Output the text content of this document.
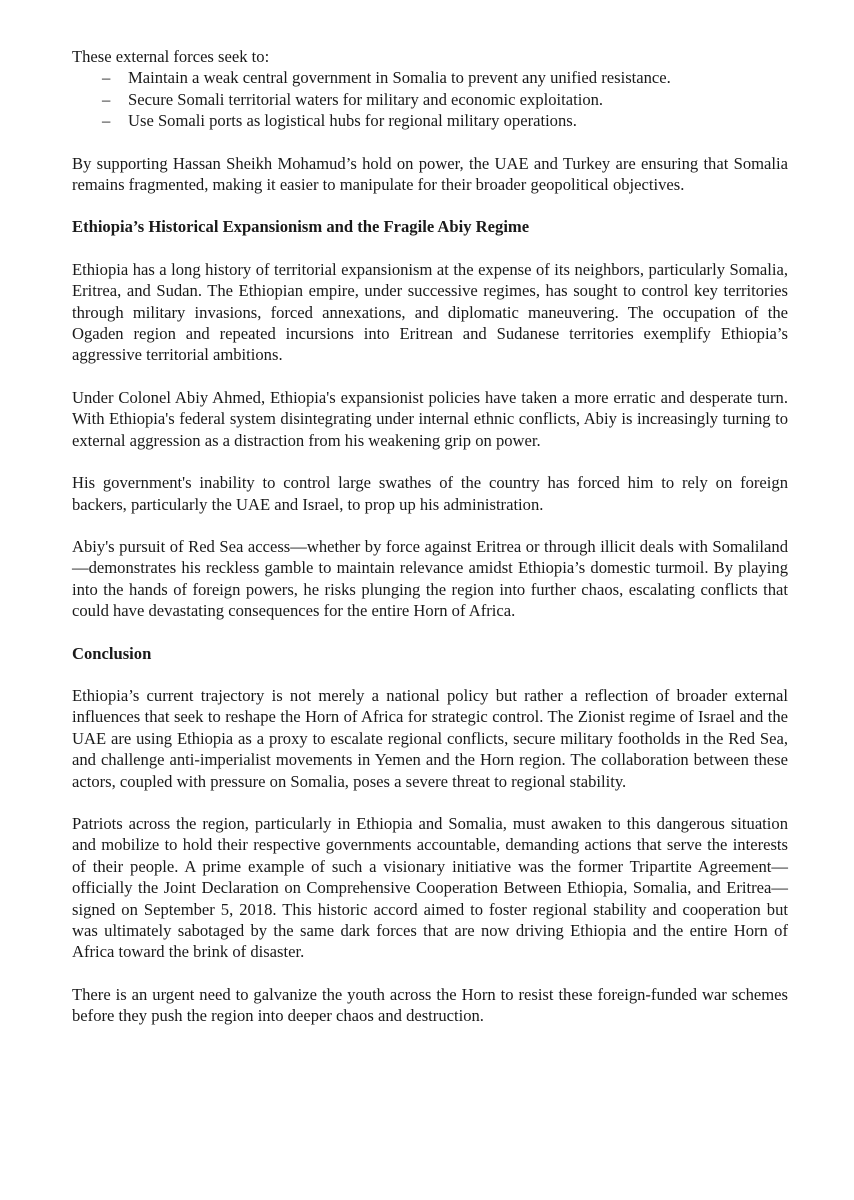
These external forces seek to:

– Maintain a weak central government in Somalia to prevent any unified resistance.
– Secure Somali territorial waters for military and economic exploitation.
– Use Somali ports as logistical hubs for regional military operations.

By supporting Hassan Sheikh Mohamud’s hold on power, the UAE and Turkey are ensuring that Somalia remains fragmented, making it easier to manipulate for their broader geopolitical objectives.

Ethiopia’s Historical Expansionism and the Fragile Abiy Regime

Ethiopia has a long history of territorial expansionism at the expense of its neighbors, particularly Somalia, Eritrea, and Sudan. The Ethiopian empire, under successive regimes, has sought to control key territories through military invasions, forced annexations, and diplomatic maneuvering. The occupation of the Ogaden region and repeated incursions into Eritrean and Sudanese territories exemplify Ethiopia’s aggressive territorial ambitions.

Under Colonel Abiy Ahmed, Ethiopia's expansionist policies have taken a more erratic and desperate turn. With Ethiopia's federal system disintegrating under internal ethnic conflicts, Abiy is increasingly turning to external aggression as a distraction from his weakening grip on power.

His government's inability to control large swathes of the country has forced him to rely on foreign backers, particularly the UAE and Israel, to prop up his administration.

Abiy's pursuit of Red Sea access—whether by force against Eritrea or through illicit deals with Somaliland—demonstrates his reckless gamble to maintain relevance amidst Ethiopia’s domestic turmoil. By playing into the hands of foreign powers, he risks plunging the region into further chaos, escalating conflicts that could have devastating consequences for the entire Horn of Africa.

Conclusion

Ethiopia’s current trajectory is not merely a national policy but rather a reflection of broader external influences that seek to reshape the Horn of Africa for strategic control. The Zionist regime of Israel and the UAE are using Ethiopia as a proxy to escalate regional conflicts, secure military footholds in the Red Sea, and challenge anti-imperialist movements in Yemen and the Horn region. The collaboration between these actors, coupled with pressure on Somalia, poses a severe threat to regional stability.

Patriots across the region, particularly in Ethiopia and Somalia, must awaken to this dangerous situation and mobilize to hold their respective governments accountable, demanding actions that serve the interests of their people. A prime example of such a visionary initiative was the former Tripartite Agreement—officially the Joint Declaration on Comprehensive Cooperation Between Ethiopia, Somalia, and Eritrea—signed on September 5, 2018. This historic accord aimed to foster regional stability and cooperation but was ultimately sabotaged by the same dark forces that are now driving Ethiopia and the entire Horn of Africa toward the brink of disaster.

There is an urgent need to galvanize the youth across the Horn to resist these foreign-funded war schemes before they push the region into deeper chaos and destruction.
